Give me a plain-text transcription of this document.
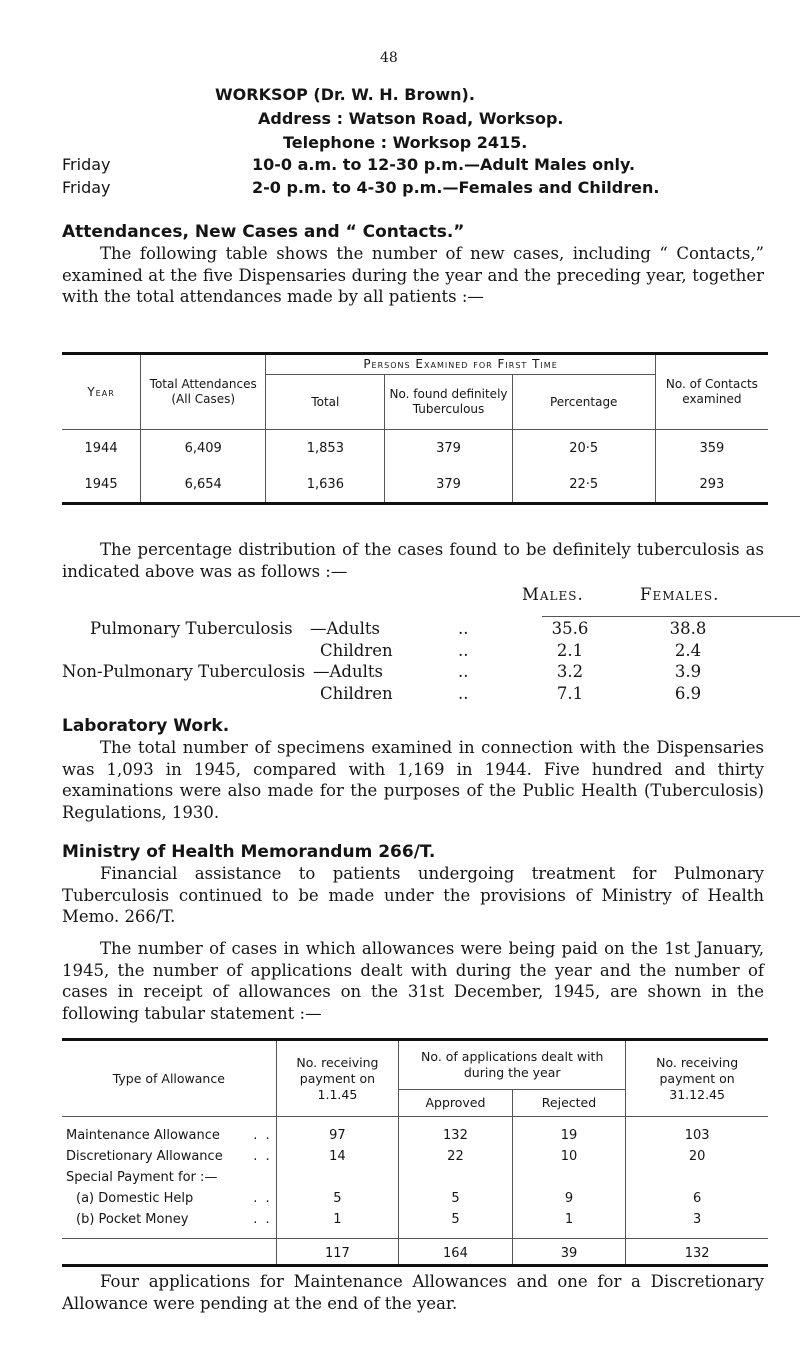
48
WORKSOP (Dr. W. H. Brown).
Address : Watson Road, Worksop.
Telephone : Worksop 2415.
Friday	10-0 a.m. to 12-30 p.m.—Adult Males only.
Friday	2-0 p.m. to 4-30 p.m.—Females and Children.
Attendances, New Cases and “ Contacts.”

The following table shows the number of new cases, including “ Contacts,” examined at the five Dispensaries during the year and the preceding year, together with the total attendances made by all patients :—

Year	Total Attendances (All Cases)	Persons Examined for First Time			No. of Contacts examined
		Total	No. found definitely Tuberculous	Percentage	
1944	6,409	1,853	379	20·5	359
1945	6,654	1,636	379	22·5	293

The percentage distribution of the cases found to be definitely tuberculosis as indicated above was as follows :—

Males.	Females.
Pulmonary Tuberculosis —Adults	..	35.6	38.8
Children	..	2.1	2.4
Non-Pulmonary Tuberculosis —Adults	..	3.2	3.9
Children	..	7.1	6.9
Laboratory Work.

The total number of specimens examined in connection with the Dispensaries was 1,093 in 1945, compared with 1,169 in 1944. Five hundred and thirty examinations were also made for the purposes of the Public Health (Tuberculosis) Regulations, 1930.

Ministry of Health Memorandum 266/T.

Financial assistance to patients undergoing treatment for Pulmonary Tuberculosis continued to be made under the provisions of Ministry of Health Memo. 266/T.

The number of cases in which allowances were being paid on the 1st January, 1945, the number of applications dealt with during the year and the number of cases in receipt of allowances on the 31st December, 1945, are shown in the following tabular statement :—

Type of Allowance	No. receiving payment on 1.1.45	No. of applications dealt with during the year		No. receiving payment on 31.12.45
		Approved	Rejected	

Maintenance Allowance . .	97	132	19	103
Discretionary Allowance . .	14	22	10	20
Special Payment for :—

(a) Domestic Help . .	5	5	9	6
(b) Pocket Money . .	1	5	1	3

	117	164	39	132

Four applications for Maintenance Allowances and one for a Discretionary Allowance were pending at the end of the year.
